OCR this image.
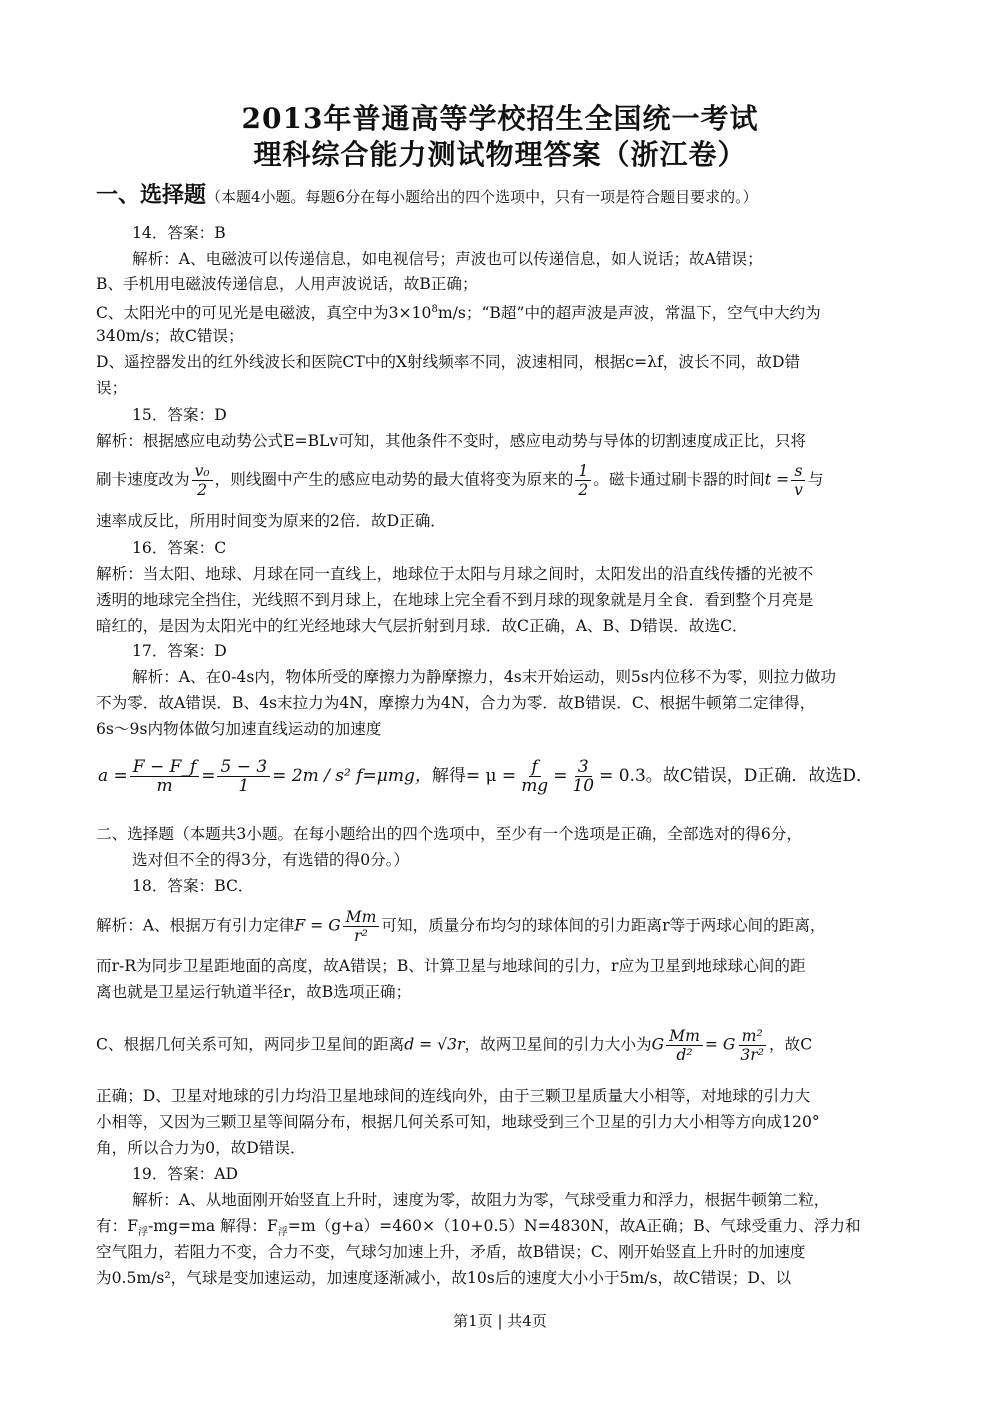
2013年普通高等学校招生全国统一考试
理科综合能力测试物理答案（浙江卷）
一、选择题（本题4小题。每题6分在每小题给出的四个选项中，只有一项是符合题目要求的。）
14．答案：B
解析：A、电磁波可以传递信息，如电视信号；声波也可以传递信息，如人说话；故A错误；
B、手机用电磁波传递信息，人用声波说话，故B正确；
C、太阳光中的可见光是电磁波，真空中为$3\times 10^8m/s$；“B超”中的超声波是声波，常温下，空气中大约为
340m/s；故C错误；
D、遥控器发出的红外线波长和医院CT中的X射线频率不同，波速相同，根据c=λf，波长不同，故D错
误；
15．答案：D
解析：根据感应电动势公式E=BLv可知，其他条件不变时，感应电动势与导体的切割速度成正比，只将
刷卡速度改为 $\frac{\text{v₀}}{2}$ ，则线圈中产生的感应电动势的最大值将变为原来的 $\frac{1}{2}$ 。磁卡通过刷卡器的时间$t = \frac{s}{v}$ 与
速率成反比，所用时间变为原来的2倍．故D正确．
16．答案：C
解析：当太阳、地球、月球在同一直线上，地球位于太阳与月球之间时，太阳发出的沿直线传播的光被不
透明的地球完全挡住，光线照不到月球上，在地球上完全看不到月球的现象就是月全食．看到整个月亮是
暗红的，是因为太阳光中的红光经地球大气层折射到月球．故C正确，A、B、D错误．故选C．
17．答案：D
解析：A、在0-4s内，物体所受的摩擦力为静摩擦力，4s末开始运动，则5s内位移不为零，则拉力做功
不为零．故A错误．B、4s末拉力为4N，摩擦力为4N，合力为零．故B错误．C、根据牛顿第二定律得，
6s～9s内物体做匀加速直线运动的加速度
$a = \frac{F - F\_f}{m} = \frac{5 - 3}{1} = 2m / s^2$ f=μmg，解得= $\mu = \frac{f}{mg} = \frac{3}{10} = 0.3$。故C错误，D正确．故选D．
二、选择题（本题共3小题。在每小题给出的四个选项中，至少有一个选项是正确，全部选对的得6分，
选对但不全的得3分，有选错的得0分。）
18．答案：BC．
解析：A、根据万有引力定律F = G $\frac{Mm}{\text{r²}}$ 可知，质量分布均匀的球体间的引力距离r等于两球心间的距离，
而r-R为同步卫星距地面的高度，故A错误；B、计算卫星与地球间的引力，r应为卫星到地球球心间的距
离也就是卫星运行轨道半径r，故B选项正确；
C、根据几何关系可知，两同步卫星间的距离d = √3r，故两卫星间的引力大小为G $\frac{Mm}{\text{d²}} = G \frac{\text{m²}}{\text{3r²}}$ ，故C
正确；D、卫星对地球的引力均沿卫星地球间的连线向外，由于三颗卫星质量大小相等，对地球的引力大
小相等，又因为三颗卫星等间隔分布，根据几何关系可知，地球受到三个卫星的引力大小相等方向成120°
角，所以合力为0，故D错误．
19．答案：AD
解析：A、从地面刚开始竖直上升时，速度为零，故阻力为零，气球受重力和浮力，根据牛顿第二粒，
有：$F_浮-mg=ma$ 解得：$F_浮=m(g+a)=460\times(10+0.5)N=4830N$，故A正确；B、气球受重力、浮力和
空气阻力，若阻力不变，合力不变，气球匀加速上升，矛盾，故B错误；C、刚开始竖直上升时的加速度
为0.5m/s²，气球是变加速运动，加速度逐渐减小，故10s后的速度大小小于5m/s，故C错误；D、以
第1页 | 共4页
